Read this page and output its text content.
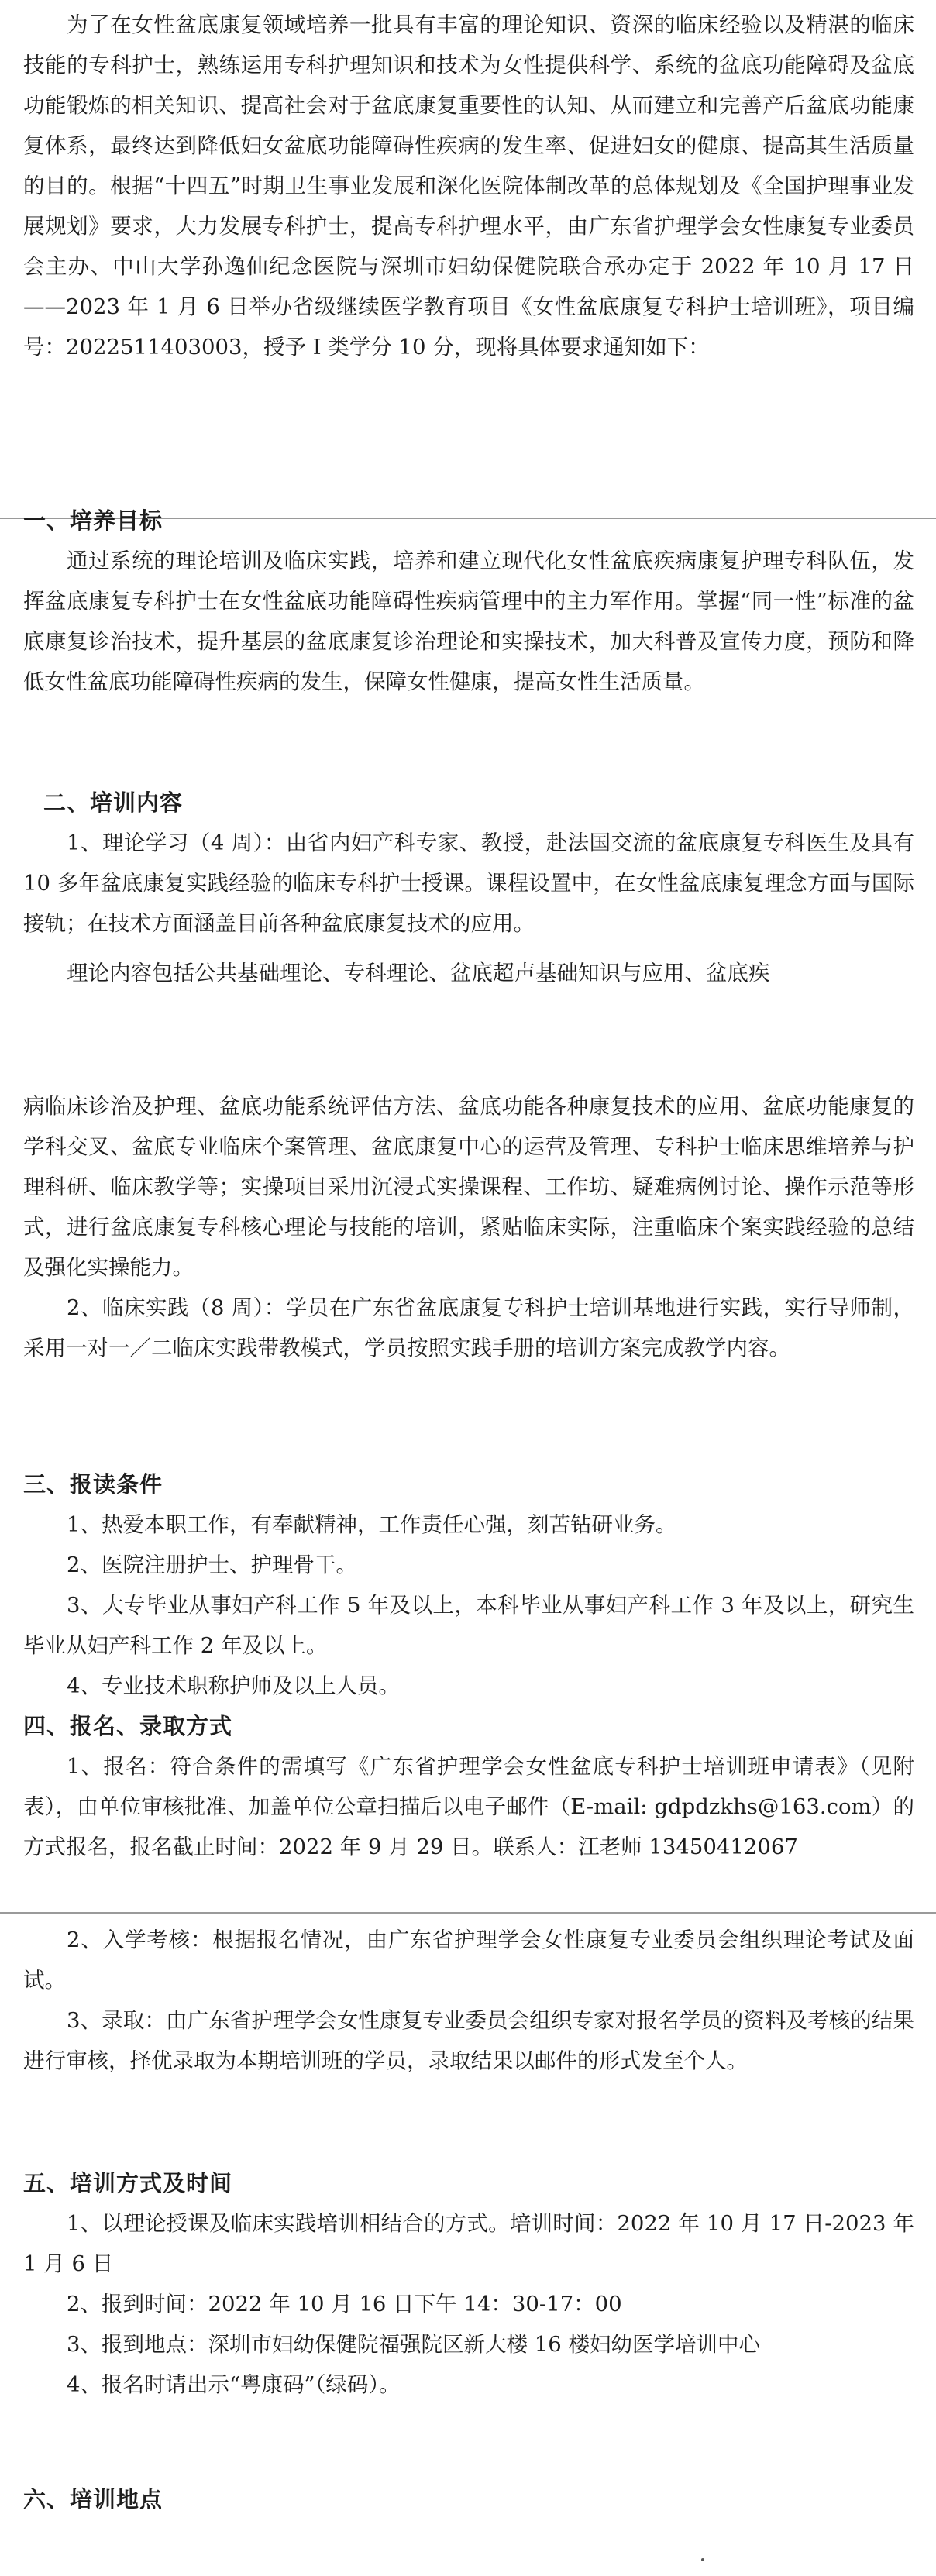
为了在女性盆底康复领域培养一批具有丰富的理论知识、资深的临床经验以及精湛的临床技能的专科护士，熟练运用专科护理知识和技术为女性提供科学、系统的盆底功能障碍及盆底功能锻炼的相关知识、提高社会对于盆底康复重要性的认知、从而建立和完善产后盆底功能康复体系，最终达到降低妇女盆底功能障碍性疾病的发生率、促进妇女的健康、提高其生活质量的目的。根据“十四五”时期卫生事业发展和深化医院体制改革的总体规划及《全国护理事业发展规划》要求，大力发展专科护士，提高专科护理水平，由广东省护理学会女性康复专业委员会主办、中山大学孙逸仙纪念医院与深圳市妇幼保健院联合承办定于 2022 年 10 月 17 日——2023 年 1 月 6 日举办省级继续医学教育项目《女性盆底康复专科护士培训班》，项目编号：2022511403003，授予 I 类学分 10 分，现将具体要求通知如下：

一、培养目标

通过系统的理论培训及临床实践，培养和建立现代化女性盆底疾病康复护理专科队伍，发挥盆底康复专科护士在女性盆底功能障碍性疾病管理中的主力军作用。掌握“同一性”标准的盆底康复诊治技术，提升基层的盆底康复诊治理论和实操技术，加大科普及宣传力度，预防和降低女性盆底功能障碍性疾病的发生，保障女性健康，提高女性生活质量。

二、培训内容

1、理论学习（4 周）：由省内妇产科专家、教授，赴法国交流的盆底康复专科医生及具有 10 多年盆底康复实践经验的临床专科护士授课。课程设置中，在女性盆底康复理念方面与国际接轨；在技术方面涵盖目前各种盆底康复技术的应用。

理论内容包括公共基础理论、专科理论、盆底超声基础知识与应用、盆底疾

病临床诊治及护理、盆底功能系统评估方法、盆底功能各种康复技术的应用、盆底功能康复的学科交叉、盆底专业临床个案管理、盆底康复中心的运营及管理、专科护士临床思维培养与护理科研、临床教学等；实操项目采用沉浸式实操课程、工作坊、疑难病例讨论、操作示范等形式，进行盆底康复专科核心理论与技能的培训，紧贴临床实际，注重临床个案实践经验的总结及强化实操能力。

2、临床实践（8 周）：学员在广东省盆底康复专科护士培训基地进行实践，实行导师制，采用一对一／二临床实践带教模式，学员按照实践手册的培训方案完成教学内容。

三、报读条件

1、热爱本职工作，有奉献精神，工作责任心强，刻苦钻研业务。

2、医院注册护士、护理骨干。

3、大专毕业从事妇产科工作 5 年及以上，本科毕业从事妇产科工作 3 年及以上，研究生毕业从妇产科工作 2 年及以上。

4、专业技术职称护师及以上人员。

四、报名、录取方式

1、报名：符合条件的需填写《广东省护理学会女性盆底专科护士培训班申请表》（见附表），由单位审核批准、加盖单位公章扫描后以电子邮件（E-mail: gdpdzkhs@163.com）的方式报名，报名截止时间：2022 年 9 月 29 日。联系人：江老师 13450412067

2、入学考核：根据报名情况，由广东省护理学会女性康复专业委员会组织理论考试及面试。

3、录取：由广东省护理学会女性康复专业委员会组织专家对报名学员的资料及考核的结果进行审核，择优录取为本期培训班的学员，录取结果以邮件的形式发至个人。

五、培训方式及时间

1、以理论授课及临床实践培训相结合的方式。培训时间：2022 年 10 月 17 日-2023 年 1 月 6 日

2、报到时间：2022 年 10 月 16 日下午 14：30-17：00

3、报到地点：深圳市妇幼保健院福强院区新大楼 16 楼妇幼医学培训中心

4、报名时请出示“粤康码”（绿码）。

六、培训地点
